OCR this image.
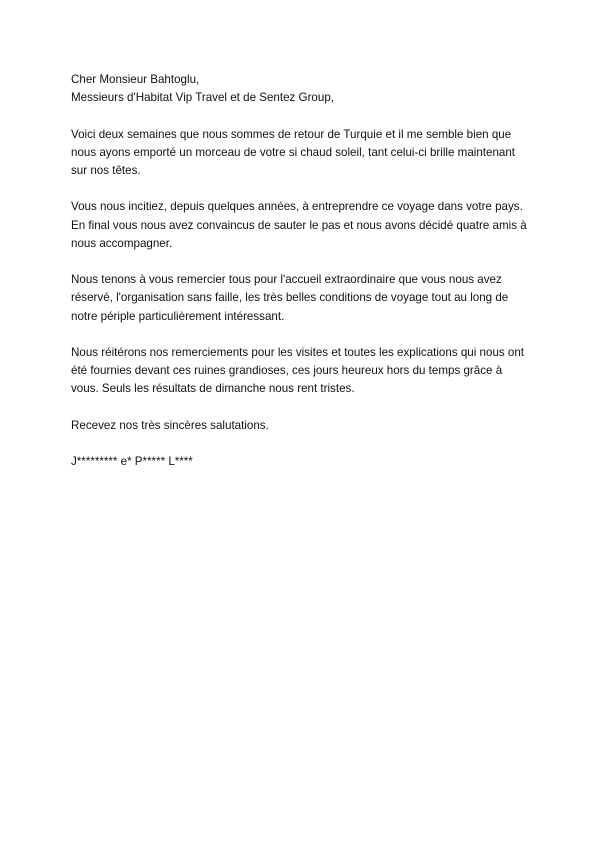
Cher Monsieur Bahtoglu,
Messieurs d'Habitat Vip Travel et de Sentez Group,

Voici deux semaines que nous sommes de retour de Turquie et il me semble bien que nous ayons emporté un morceau de votre si chaud soleil, tant celui-ci brille maintenant sur nos têtes.

Vous nous incitiez, depuis quelques années, à entreprendre ce voyage dans votre pays. En final vous nous avez convaincus de sauter le pas et nous avons décidé quatre amis à nous accompagner.

Nous tenons à vous remercier tous pour l'accueil extraordinaire que vous nous avez réservé, l'organisation sans faille, les très belles conditions de voyage tout au long de notre périple particulièrement intéressant.

Nous réitérons nos remerciements pour les visites et toutes les explications qui nous ont été fournies devant ces ruines grandioses, ces jours heureux hors du temps grâce à vous. Seuls les résultats de dimanche nous rent tristes.

Recevez nos très sincères salutations.

J********* e* P***** L****
